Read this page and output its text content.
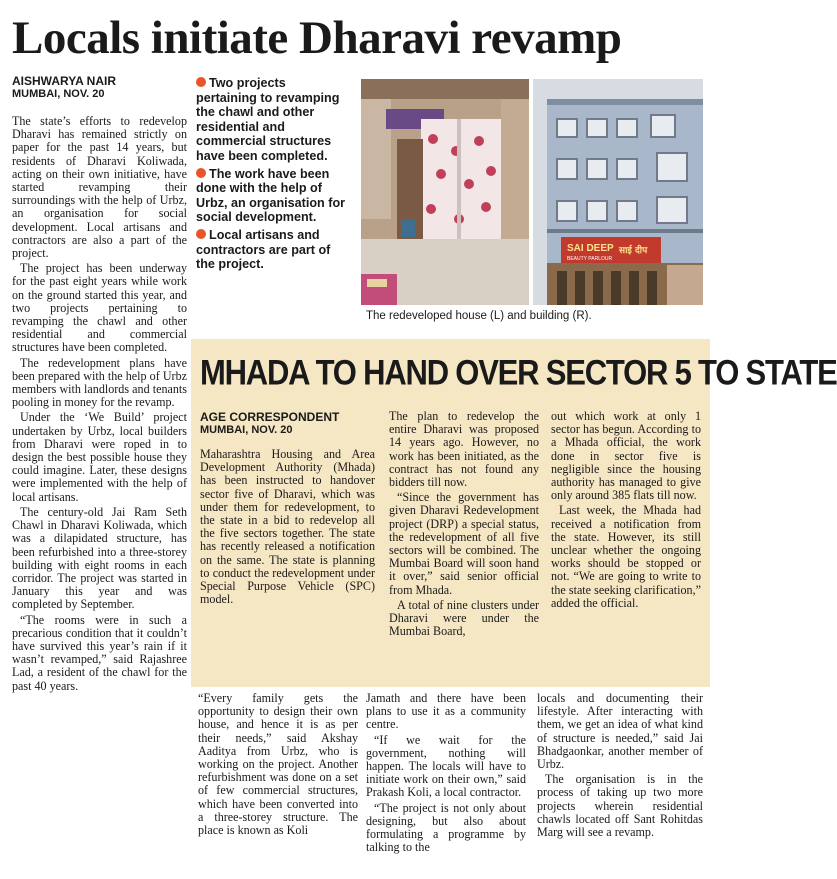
Locals initiate Dharavi revamp

AISHWARYA NAIR

MUMBAI, NOV. 20

The state’s efforts to redevelop Dharavi has remained strictly on paper for the past 14 years, but residents of Dharavi Koliwada, acting on their own initiative, have started revamping their surroundings with the help of Urbz, an organisation for social development. Local artisans and contractors are also a part of the project.

The project has been underway for the past eight years while work on the ground started this year, and two projects pertaining to revamping the chawl and other residential and commercial structures have been completed.

The redevelopment plans have been prepared with the help of Urbz members with landlords and tenants pooling in money for the revamp.

Under the ‘We Build’ project undertaken by Urbz, local builders from Dharavi were roped in to design the best possible house they could imagine. Later, these designs were implemented with the help of local artisans.

The century-old Jai Ram Seth Chawl in Dharavi Koliwada, which was a dilapidated structure, has been refurbished into a three-storey building with eight rooms in each corridor. The project was started in January this year and was completed by September.

“The rooms were in such a precarious condition that it couldn’t have survived this year’s rain if it wasn’t revamped,” said Rajashree Lad, a resident of the chawl for the past 40 years.

Two projects pertaining to revamping the chawl and other residential and commercial structures have been completed.

The work have been done with the help of Urbz, an organisation for social development.

Local artisans and contractors are part of the project.

SAI DEEP
BEAUTY PARLOUR
साई दीप
The redeveloped house (L) and building (R).
MHADA TO HAND OVER SECTOR 5 TO STATE

AGE CORRESPONDENT

MUMBAI, NOV. 20

Maharashtra Housing and Area Development Authority (Mhada) has been instructed to handover sector five of Dharavi, which was under them for redevelopment, to the state in a bid to redevelop all the five sectors together. The state has recently released a notification on the same. The state is planning to conduct the redevelopment under Special Purpose Vehicle (SPC) model.

The plan to redevelop the entire Dharavi was proposed 14 years ago. However, no work has been initiated, as the contract has not found any bidders till now.

“Since the government has given Dharavi Redevelopment project (DRP) a special status, the redevelopment of all five sectors will be combined. The Mumbai Board will soon hand it over,” said senior official from Mhada.

A total of nine clusters under Dharavi were under the Mumbai Board,

out which work at only 1 sector has begun. According to a Mhada official, the work done in sector five is negligible since the housing authority has managed to give only around 385 flats till now.

Last week, the Mhada had received a notification from the state. However, its still unclear whether the ongoing works should be stopped or not. “We are going to write to the state seeking clarification,” added the official.

“Every family gets the opportunity to design their own house, and hence it is as per their needs,” said Akshay Aaditya from Urbz, who is working on the project. Another refurbishment was done on a set of few commercial structures, which have been converted into a three-storey structure. The place is known as Koli

Jamath and there have been plans to use it as a community centre.

“If we wait for the government, nothing will happen. The locals will have to initiate work on their own,” said Prakash Koli, a local contractor.

“The project is not only about designing, but also about formulating a programme by talking to the

locals and documenting their lifestyle. After interacting with them, we get an idea of what kind of structure is needed,” said Jai Bhadgaonkar, another member of Urbz.

The organisation is in the process of taking up two more projects wherein residential chawls located off Sant Rohitdas Marg will see a revamp.
